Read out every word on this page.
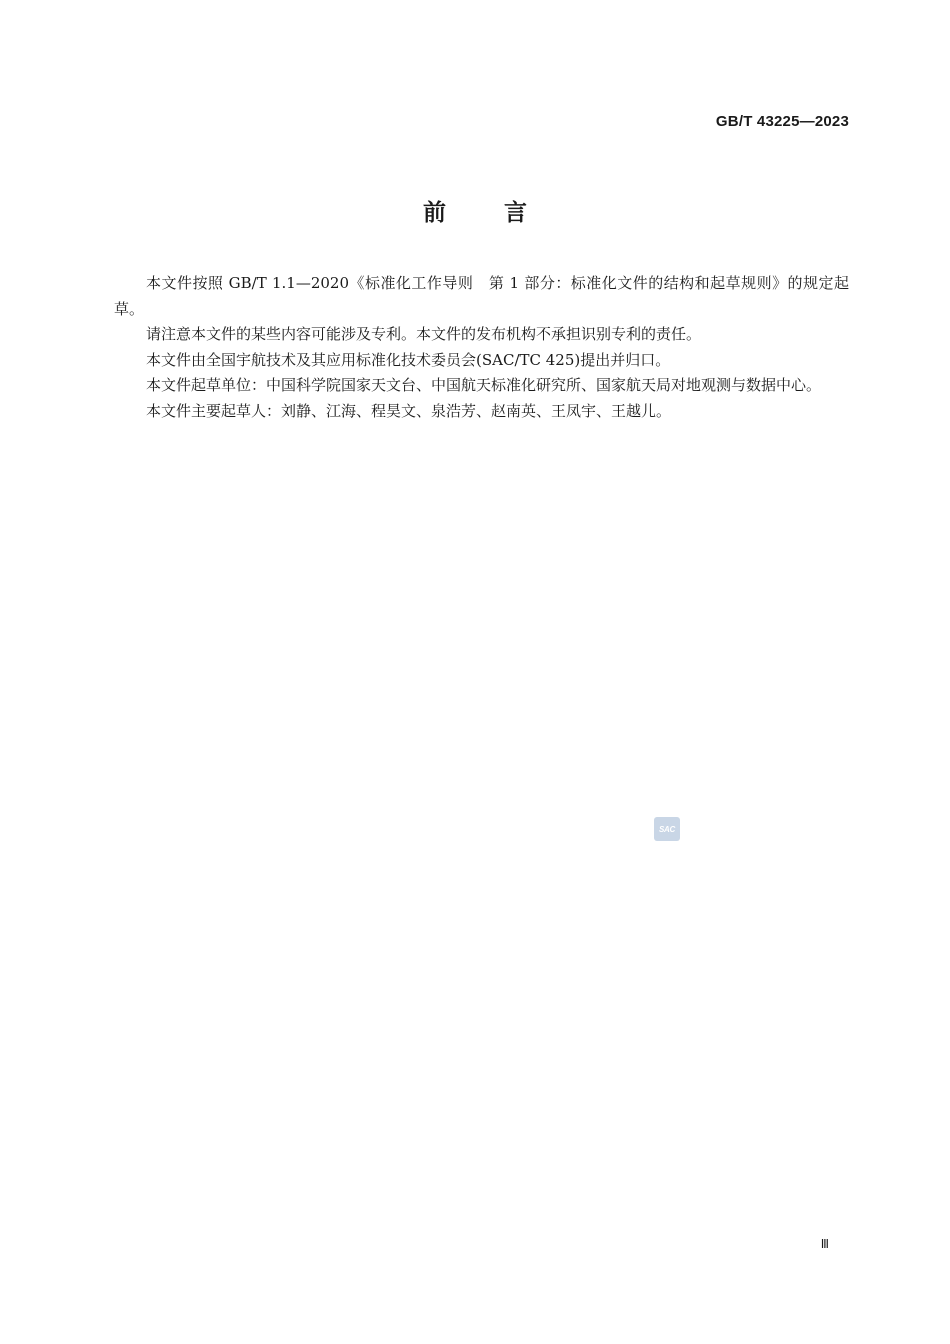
GB/T 43225—2023
前言

本文件按照 GB/T 1.1—2020《标准化工作导则　第 1 部分：标准化文件的结构和起草规则》的规定起草。

请注意本文件的某些内容可能涉及专利。本文件的发布机构不承担识别专利的责任。

本文件由全国宇航技术及其应用标准化技术委员会(SAC/TC 425)提出并归口。

本文件起草单位：中国科学院国家天文台、中国航天标准化研究所、国家航天局对地观测与数据中心。

本文件主要起草人：刘静、江海、程昊文、泉浩芳、赵南英、王凤宇、王越儿。

SAC
Ⅲ
